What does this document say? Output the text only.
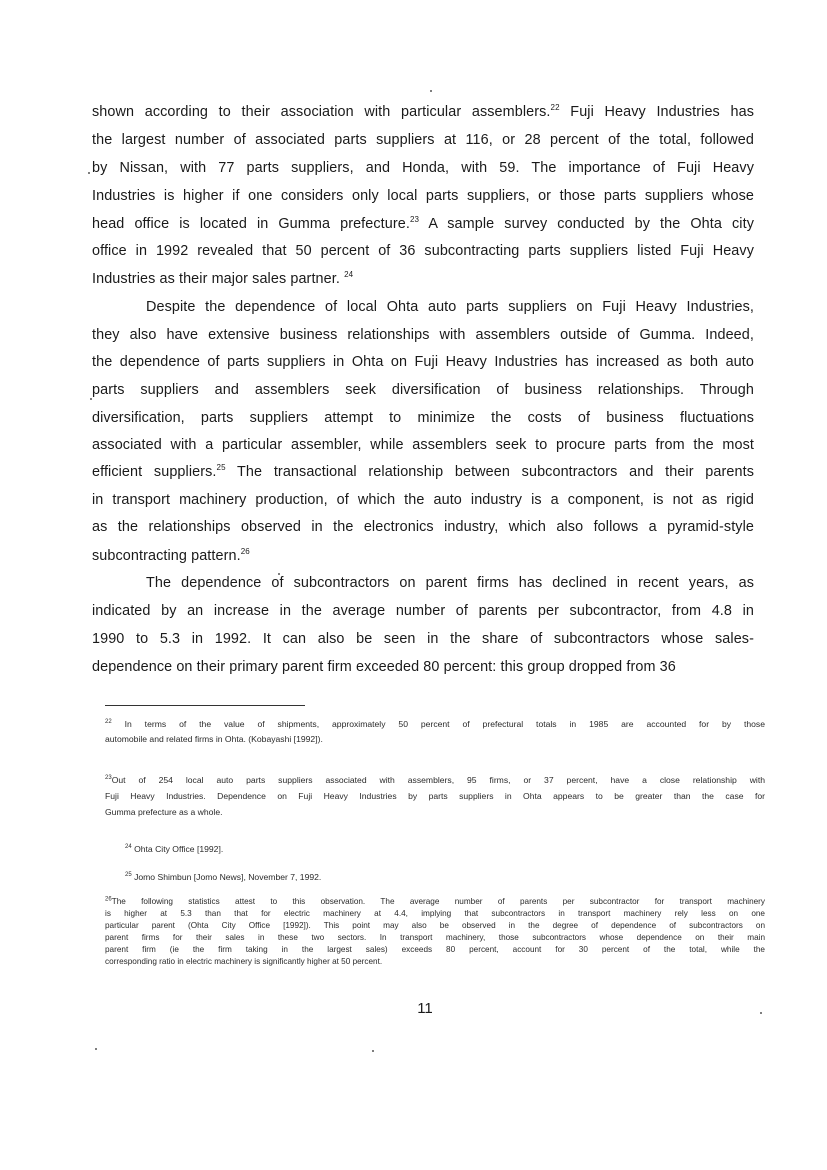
shown according to their association with particular assemblers.$^{22}$ Fuji Heavy Industries has
the largest number of associated parts suppliers at 116, or 28 percent of the total, followed
by Nissan, with 77 parts suppliers, and Honda, with 59. The importance of Fuji Heavy
Industries is higher if one considers only local parts suppliers, or those parts suppliers whose
head office is located in Gumma prefecture.$^{23}$ A sample survey conducted by the Ohta city
office in 1992 revealed that 50 percent of 36 subcontracting parts suppliers listed Fuji Heavy
Industries as their major sales partner. $^{24}$
Despite the dependence of local Ohta auto parts suppliers on Fuji Heavy Industries,
they also have extensive business relationships with assemblers outside of Gumma. Indeed,
the dependence of parts suppliers in Ohta on Fuji Heavy Industries has increased as both auto
parts suppliers and assemblers seek diversification of business relationships. Through
diversification, parts suppliers attempt to minimize the costs of business fluctuations
associated with a particular assembler, while assemblers seek to procure parts from the most
efficient suppliers.$^{25}$ The transactional relationship between subcontractors and their parents
in transport machinery production, of which the auto industry is a component, is not as rigid
as the relationships observed in the electronics industry, which also follows a pyramid-style
subcontracting pattern.$^{26}$
The dependence of subcontractors on parent firms has declined in recent years, as
indicated by an increase in the average number of parents per subcontractor, from 4.8 in
1990 to 5.3 in 1992. It can also be seen in the share of subcontractors whose sales-
dependence on their primary parent firm exceeded 80 percent: this group dropped from 36
$^{22}$ In terms of the value of shipments, approximately 50 percent of prefectural totals in 1985 are accounted for by those
automobile and related firms in Ohta. (Kobayashi [1992]).
$^{23}$Out of 254 local auto parts suppliers associated with assemblers, 95 firms, or 37 percent, have a close relationship with
Fuji Heavy Industries. Dependence on Fuji Heavy Industries by parts suppliers in Ohta appears to be greater than the case for
Gumma prefecture as a whole.
$^{24}$ Ohta City Office [1992].
$^{25}$ Jomo Shimbun [Jomo News], November 7, 1992.
$^{26}$The following statistics attest to this observation. The average number of parents per subcontractor for transport machinery
is higher at 5.3 than that for electric machinery at 4.4, implying that subcontractors in transport machinery rely less on one
particular parent (Ohta City Office [1992]). This point may also be observed in the degree of dependence of subcontractors on
parent firms for their sales in these two sectors. In transport machinery, those subcontractors whose dependence on their main
parent firm (ie the firm taking in the largest sales) exceeds 80 percent, account for 30 percent of the total, while the
corresponding ratio in electric machinery is significantly higher at 50 percent.
11
